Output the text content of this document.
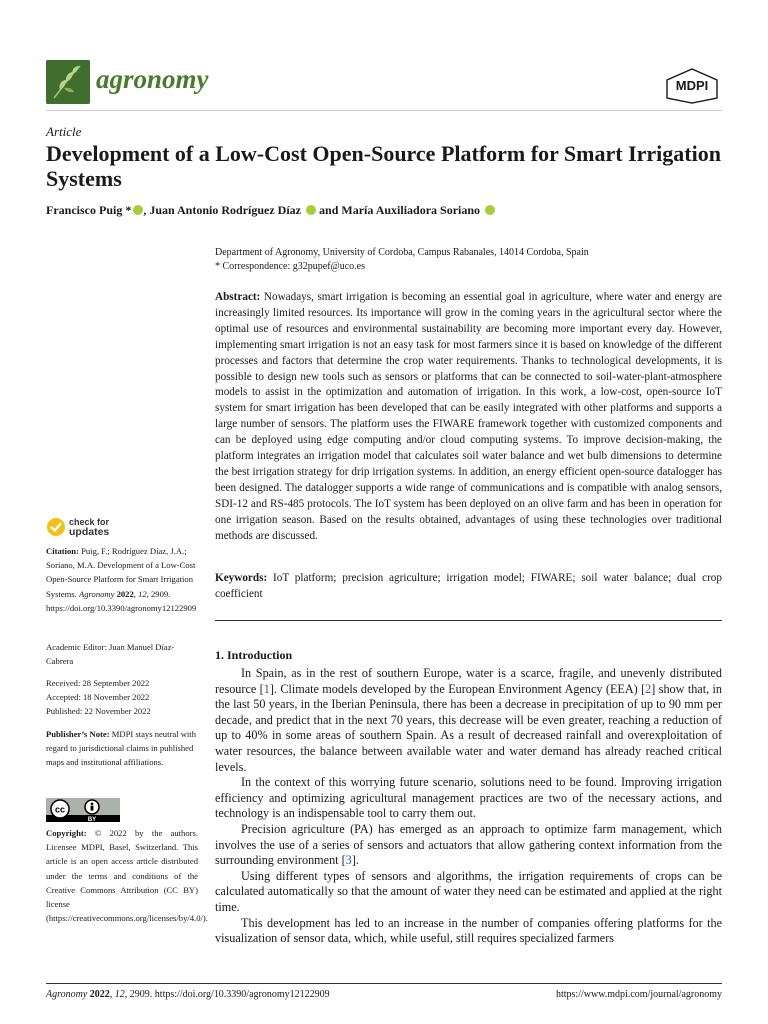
agronomy	MDPI
Article
Development of a Low-Cost Open-Source Platform for Smart Irrigation Systems
Francisco Puig * , Juan Antonio Rodríguez Díaz  and María Auxiliadora Soriano
Department of Agronomy, University of Cordoba, Campus Rabanales, 14014 Cordoba, Spain
* Correspondence: g32pupef@uco.es
Abstract: Nowadays, smart irrigation is becoming an essential goal in agriculture, where water and energy are increasingly limited resources. Its importance will grow in the coming years in the agricultural sector where the optimal use of resources and environmental sustainability are becoming more important every day. However, implementing smart irrigation is not an easy task for most farmers since it is based on knowledge of the different processes and factors that determine the crop water requirements. Thanks to technological developments, it is possible to design new tools such as sensors or platforms that can be connected to soil-water-plant-atmosphere models to assist in the optimization and automation of irrigation. In this work, a low-cost, open-source IoT system for smart irrigation has been developed that can be easily integrated with other platforms and supports a large number of sensors. The platform uses the FIWARE framework together with customized components and can be deployed using edge computing and/or cloud computing systems. To improve decision-making, the platform integrates an irrigation model that calculates soil water balance and wet bulb dimensions to determine the best irrigation strategy for drip irrigation systems. In addition, an energy efficient open-source datalogger has been designed. The datalogger supports a wide range of communications and is compatible with analog sensors, SDI-12 and RS-485 protocols. The IoT system has been deployed on an olive farm and has been in operation for one irrigation season. Based on the results obtained, advantages of using these technologies over traditional methods are discussed.
Keywords: IoT platform; precision agriculture; irrigation model; FIWARE; soil water balance; dual crop coefficient
1. Introduction

In Spain, as in the rest of southern Europe, water is a scarce, fragile, and unevenly distributed resource [1]. Climate models developed by the European Environment Agency (EEA) [2] show that, in the last 50 years, in the Iberian Peninsula, there has been a decrease in precipitation of up to 90 mm per decade, and predict that in the next 70 years, this decrease will be even greater, reaching a reduction of up to 40% in some areas of southern Spain. As a result of decreased rainfall and overexploitation of water resources, the balance between available water and water demand has already reached critical levels.

In the context of this worrying future scenario, solutions need to be found. Improving irrigation efficiency and optimizing agricultural management practices are two of the necessary actions, and technology is an indispensable tool to carry them out.

Precision agriculture (PA) has emerged as an approach to optimize farm management, which involves the use of a series of sensors and actuators that allow gathering context information from the surrounding environment [3].

Using different types of sensors and algorithms, the irrigation requirements of crops can be calculated automatically so that the amount of water they need can be estimated and applied at the right time.

This development has led to an increase in the number of companies offering platforms for the visualization of sensor data, which, while useful, still requires specialized farmers

check for
updates
Citation: Puig, F.; Rodríguez Díaz, J.A.; Soriano, M.A. Development of a Low-Cost Open-Source Platform for Smart Irrigation Systems. Agronomy 2022, 12, 2909. https://doi.org/10.3390/agronomy12122909
Academic Editor: Juan Manuel Díaz-Cabrera
Received: 28 September 2022
Accepted: 18 November 2022
Published: 22 November 2022
Publisher’s Note: MDPI stays neutral with regard to jurisdictional claims in published maps and institutional affiliations.
cc
BY
Copyright: © 2022 by the authors. Licensee MDPI, Basel, Switzerland. This article is an open access article distributed under the terms and conditions of the Creative Commons Attribution (CC BY) license (https://creativecommons.org/licenses/by/4.0/).
Agronomy 2022, 12, 2909. https://doi.org/10.3390/agronomy12122909	https://www.mdpi.com/journal/agronomy
